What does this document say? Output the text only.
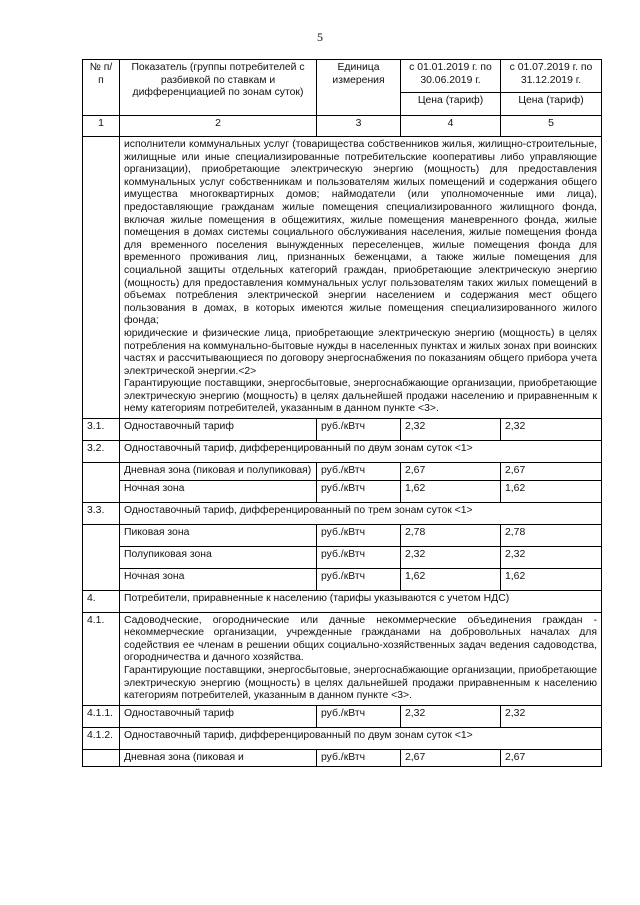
5
№ п/п	Показатель (группы потребителей с разбивкой по ставкам и дифференциацией по зонам суток)	Единица измерения	с 01.01.2019 г. по 30.06.2019 г.	с 01.07.2019 г. по 31.12.2019 г.
			Цена (тариф)	Цена (тариф)
1	2	3	4	5

	исполнители коммунальных услуг (товарищества собственников жилья, жилищно-строительные, жилищные или иные специализированные потребительские кооперативы либо управляющие организации), приобретающие электрическую энергию (мощность) для предоставления коммунальных услуг собственникам и пользователям жилых помещений и содержания общего имущества многоквартирных домов; наймодатели (или уполномоченные ими лица), предоставляющие гражданам жилые помещения специализированного жилищного фонда, включая жилые помещения в общежитиях, жилые помещения маневренного фонда, жилые помещения в домах системы социального обслуживания населения, жилые помещения фонда для временного поселения вынужденных переселенцев, жилые помещения фонда для временного проживания лиц, признанных беженцами, а также жилые помещения для социальной защиты отдельных категорий граждан, приобретающие электрическую энергию (мощность) для предоставления коммунальных услуг пользователям таких жилых помещений в объемах потребления электрической энергии населением и содержания мест общего пользования в домах, в которых имеются жилые помещения специализированного жилого фонда;
юридические и физические лица, приобретающие электрическую энергию (мощность) в целях потребления на коммунально-бытовые нужды в населенных пунктах и жилых зонах при воинских частях и рассчитывающиеся по договору энергоснабжения по показаниям общего прибора учета электрической энергии.<2>
Гарантирующие поставщики, энергосбытовые, энергоснабжающие организации, приобретающие электрическую энергию (мощность) в целях дальнейшей продажи населению и приравненным к нему категориям потребителей, указанным в данном пункте <3>.			

3.1.	Одноставочный тариф	руб./кВтч	2,32	2,32
3.2.	Одноставочный тариф, дифференцированный по двум зонам суток <1>			
	Дневная зона (пиковая и полупиковая)	руб./кВтч	2,67	2,67
	Ночная зона	руб./кВтч	1,62	1,62
3.3.	Одноставочный тариф, дифференцированный по трем зонам суток <1>			
	Пиковая зона	руб./кВтч	2,78	2,78
	Полупиковая зона	руб./кВтч	2,32	2,32
	Ночная зона	руб./кВтч	1,62	1,62
4.	Потребители, приравненные к населению (тарифы указываются с учетом НДС)			
4.1.	Садоводческие, огороднические или дачные некоммерческие объединения граждан - некоммерческие организации, учрежденные гражданами на добровольных началах для содействия ее членам в решении общих социально-хозяйственных задач ведения садоводства, огородничества и дачного хозяйства.
Гарантирующие поставщики, энергосбытовые, энергоснабжающие организации, приобретающие электрическую энергию (мощность) в целях дальнейшей продажи приравненным к населению категориям потребителей, указанным в данном пункте <3>.			

4.1.1.	Одноставочный тариф	руб./кВтч	2,32	2,32
4.1.2.	Одноставочный тариф, дифференцированный по двум зонам суток <1>			
	Дневная зона (пиковая и	руб./кВтч	2,67	2,67
